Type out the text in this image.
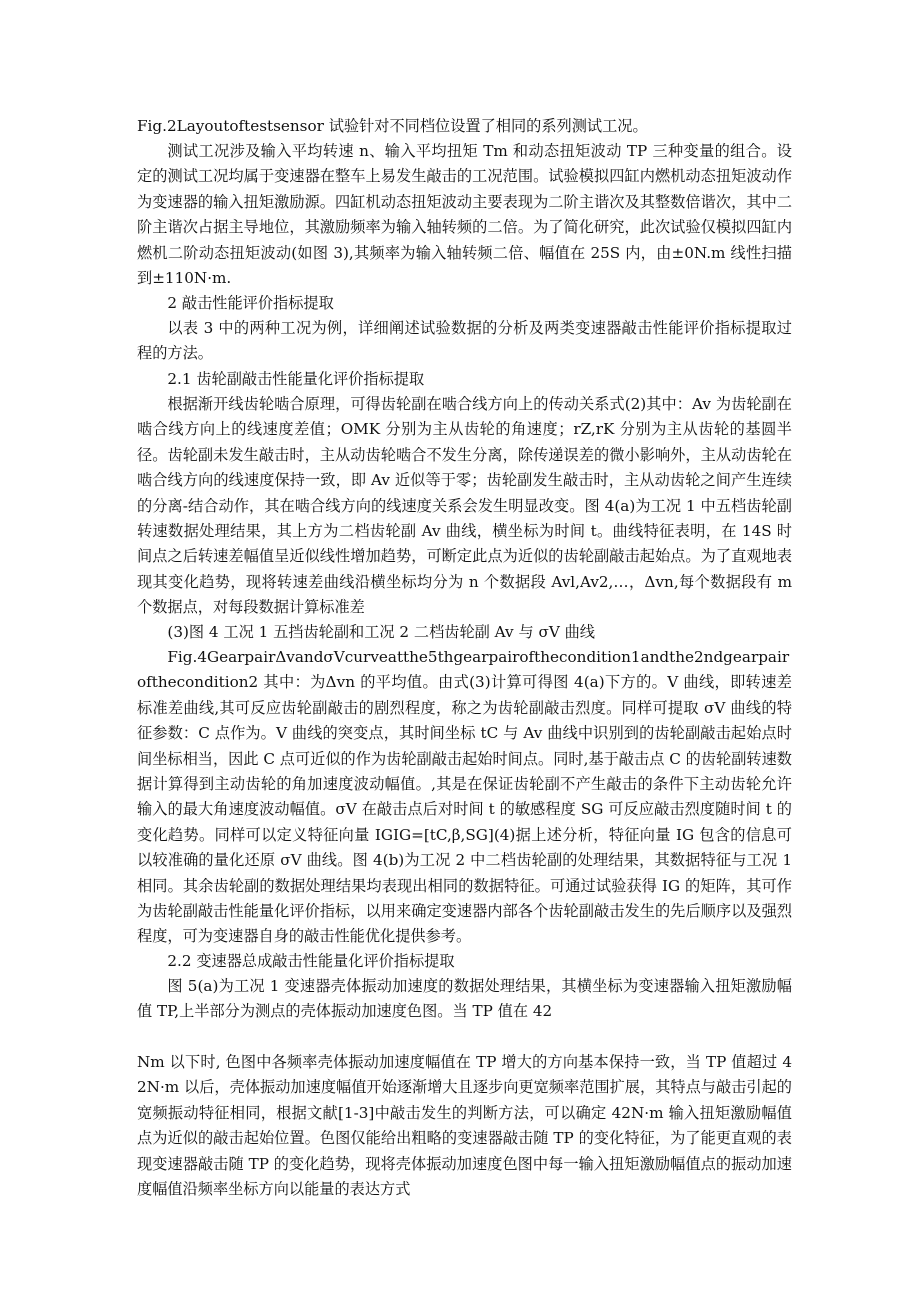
Fig.2Layoutoftestsensor 试验针对不同档位设置了相同的系列测试工况。
测试工况涉及输入平均转速 n、输入平均扭矩 Tm 和动态扭矩波动 TP 三种变量的组合。设定的测试工况均属于变速器在整车上易发生敲击的工况范围。试验模拟四缸内燃机动态扭矩波动作为变速器的输入扭矩激励源。四缸机动态扭矩波动主要表现为二阶主谐次及其整数倍谐次，其中二阶主谐次占据主导地位，其激励频率为输入轴转频的二倍。为了简化研究，此次试验仅模拟四缸内燃机二阶动态扭矩波动(如图 3),其频率为输入轴转频二倍、幅值在 25S 内，由±0N.m 线性扫描到±110N·m.
2 敲击性能评价指标提取
以表 3 中的两种工况为例，详细阐述试验数据的分析及两类变速器敲击性能评价指标提取过程的方法。
2.1 齿轮副敲击性能量化评价指标提取
根据渐开线齿轮啮合原理，可得齿轮副在啮合线方向上的传动关系式(2)其中：Av 为齿轮副在啮合线方向上的线速度差值；OMK 分别为主从齿轮的角速度；rZ,rK 分别为主从齿轮的基圆半径。齿轮副未发生敲击时，主从动齿轮啮合不发生分离，除传递误差的微小影响外，主从动齿轮在啮合线方向的线速度保持一致，即 Av 近似等于零；齿轮副发生敲击时，主从动齿轮之间产生连续的分离-结合动作，其在啮合线方向的线速度关系会发生明显改变。图 4(a)为工况 1 中五档齿轮副转速数据处理结果，其上方为二档齿轮副 Av 曲线，横坐标为时间 t。曲线特征表明，在 14S 时间点之后转速差幅值呈近似线性增加趋势，可断定此点为近似的齿轮副敲击起始点。为了直观地表现其变化趋势，现将转速差曲线沿横坐标均分为 n 个数据段 Avl,Av2,…，Δvn,每个数据段有 m 个数据点，对每段数据计算标准差
(3)图 4 工况 1 五挡齿轮副和工况 2 二档齿轮副 Av 与 σV 曲线
Fig.4GearpairΔvandσVcurveatthe5thgearpairofthecondition1andthe2ndgearpairofthecondition2 其中：为Δvn 的平均值。由式(3)计算可得图 4(a)下方的。V 曲线，即转速差标准差曲线,其可反应齿轮副敲击的剧烈程度，称之为齿轮副敲击烈度。同样可提取 σV 曲线的特征参数：C 点作为。V 曲线的突变点，其时间坐标 tC 与 Av 曲线中识别到的齿轮副敲击起始点时间坐标相当，因此 C 点可近似的作为齿轮副敲击起始时间点。同时,基于敲击点 C 的齿轮副转速数据计算得到主动齿轮的角加速度波动幅值。,其是在保证齿轮副不产生敲击的条件下主动齿轮允许输入的最大角速度波动幅值。σV 在敲击点后对时间 t 的敏感程度 SG 可反应敲击烈度随时间 t 的变化趋势。同样可以定义特征向量 IGIG=[tC,β,SG](4)据上述分析，特征向量 IG 包含的信息可以较准确的量化还原 σV 曲线。图 4(b)为工况 2 中二档齿轮副的处理结果，其数据特征与工况 1 相同。其余齿轮副的数据处理结果均表现出相同的数据特征。可通过试验获得 IG 的矩阵，其可作为齿轮副敲击性能量化评价指标，以用来确定变速器内部各个齿轮副敲击发生的先后顺序以及强烈程度，可为变速器自身的敲击性能优化提供参考。
2.2 变速器总成敲击性能量化评价指标提取
图 5(a)为工况 1 变速器壳体振动加速度的数据处理结果，其横坐标为变速器输入扭矩激励幅值 TP,上半部分为测点的壳体振动加速度色图。当 TP 值在 42
Nm 以下时, 色图中各频率壳体振动加速度幅值在 TP 增大的方向基本保持一致，当 TP 值超过 42N·m 以后，壳体振动加速度幅值开始逐渐增大且逐步向更宽频率范围扩展，其特点与敲击引起的宽频振动特征相同，根据文献[1-3]中敲击发生的判断方法，可以确定 42N·m 输入扭矩激励幅值点为近似的敲击起始位置。色图仅能给出粗略的变速器敲击随 TP 的变化特征，为了能更直观的表现变速器敲击随 TP 的变化趋势，现将壳体振动加速度色图中每一输入扭矩激励幅值点的振动加速度幅值沿频率坐标方向以能量的表达方式
